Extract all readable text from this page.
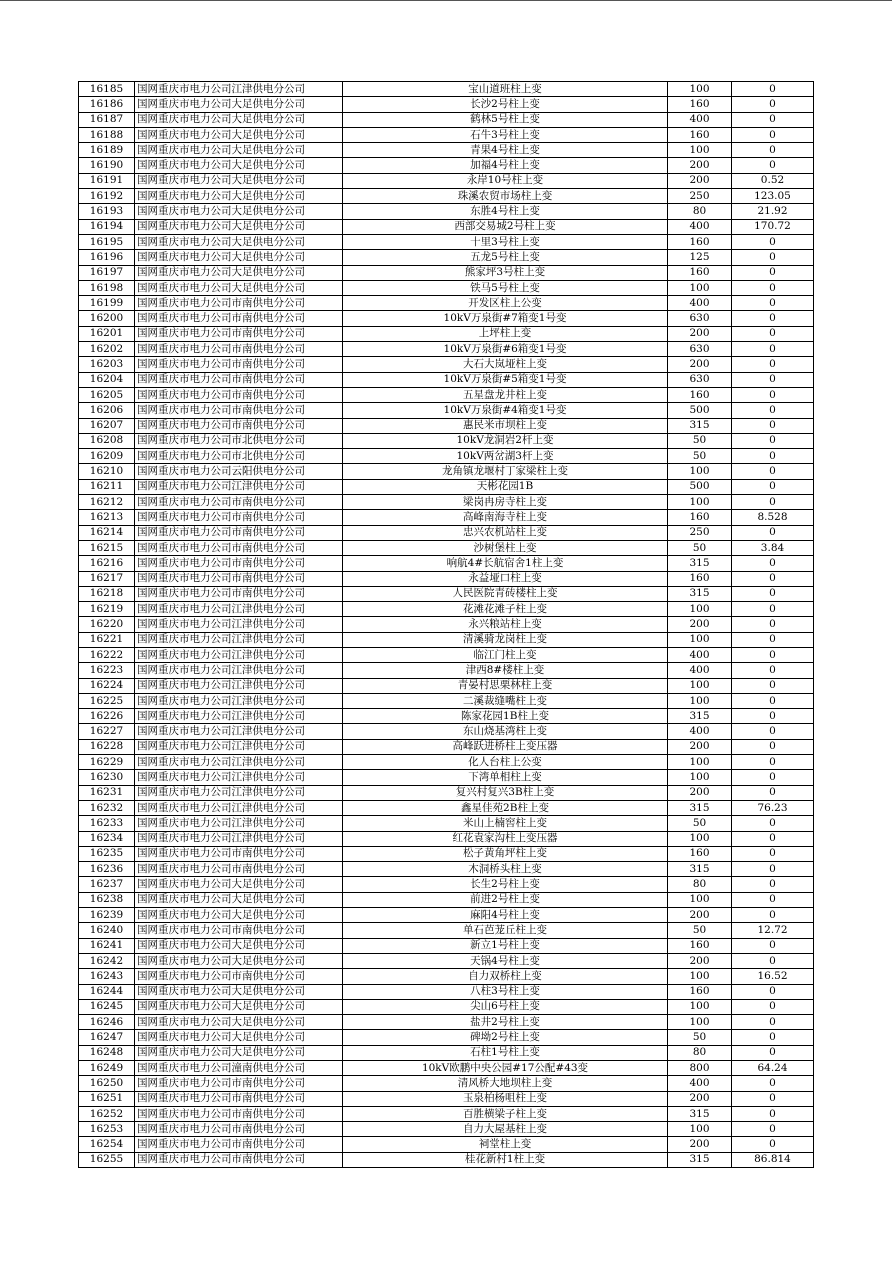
16185	国网重庆市电力公司江津供电分公司	宝山道班柱上变	100	0
16186	国网重庆市电力公司大足供电分公司	长沙2号柱上变	160	0
16187	国网重庆市电力公司大足供电分公司	鹤林5号柱上变	400	0
16188	国网重庆市电力公司大足供电分公司	石牛3号柱上变	160	0
16189	国网重庆市电力公司大足供电分公司	青果4号柱上变	100	0
16190	国网重庆市电力公司大足供电分公司	加福4号柱上变	200	0
16191	国网重庆市电力公司大足供电分公司	永岸10号柱上变	200	0.52
16192	国网重庆市电力公司大足供电分公司	珠溪农贸市场柱上变	250	123.05
16193	国网重庆市电力公司大足供电分公司	东胜4号柱上变	80	21.92
16194	国网重庆市电力公司大足供电分公司	西部交易城2号柱上变	400	170.72
16195	国网重庆市电力公司大足供电分公司	十里3号柱上变	160	0
16196	国网重庆市电力公司大足供电分公司	五龙5号柱上变	125	0
16197	国网重庆市电力公司大足供电分公司	熊家坪3号柱上变	160	0
16198	国网重庆市电力公司大足供电分公司	铁马5号柱上变	100	0
16199	国网重庆市电力公司市南供电分公司	开发区柱上公变	400	0
16200	国网重庆市电力公司市南供电分公司	10kV万泉街#7箱变1号变	630	0
16201	国网重庆市电力公司市南供电分公司	上坪柱上变	200	0
16202	国网重庆市电力公司市南供电分公司	10kV万泉街#6箱变1号变	630	0
16203	国网重庆市电力公司市南供电分公司	大石大岚垭柱上变	200	0
16204	国网重庆市电力公司市南供电分公司	10kV万泉街#5箱变1号变	630	0
16205	国网重庆市电力公司市南供电分公司	五星盘龙井柱上变	160	0
16206	国网重庆市电力公司市南供电分公司	10kV万泉街#4箱变1号变	500	0
16207	国网重庆市电力公司市南供电分公司	惠民米市坝柱上变	315	0
16208	国网重庆市电力公司市北供电分公司	10kV龙洞岩2杆上变	50	0
16209	国网重庆市电力公司市北供电分公司	10kV两岔湖3杆上变	50	0
16210	国网重庆市电力公司云阳供电分公司	龙角镇龙堰村丁家梁柱上变	100	0
16211	国网重庆市电力公司江津供电分公司	天彬花园1B	500	0
16212	国网重庆市电力公司市南供电分公司	梁岗冉房寺柱上变	100	0
16213	国网重庆市电力公司市南供电分公司	高峰南海寺柱上变	160	8.528
16214	国网重庆市电力公司市南供电分公司	忠兴农机站柱上变	250	0
16215	国网重庆市电力公司市南供电分公司	沙树堡柱上变	50	3.84
16216	国网重庆市电力公司市南供电分公司	响航4#长航宿舍1柱上变	315	0
16217	国网重庆市电力公司市南供电分公司	永益垭口柱上变	160	0
16218	国网重庆市电力公司市南供电分公司	人民医院青砖楼柱上变	315	0
16219	国网重庆市电力公司江津供电分公司	花滩花滩子柱上变	100	0
16220	国网重庆市电力公司江津供电分公司	永兴粮站柱上变	200	0
16221	国网重庆市电力公司江津供电分公司	清溪骑龙岗柱上变	100	0
16222	国网重庆市电力公司江津供电分公司	临江门柱上变	400	0
16223	国网重庆市电力公司江津供电分公司	津西8#楼柱上变	400	0
16224	国网重庆市电力公司江津供电分公司	青晏村思栗林柱上变	100	0
16225	国网重庆市电力公司江津供电分公司	二溪裁缝嘴柱上变	100	0
16226	国网重庆市电力公司江津供电分公司	陈家花园1B柱上变	315	0
16227	国网重庆市电力公司江津供电分公司	东山烧基湾柱上变	400	0
16228	国网重庆市电力公司江津供电分公司	高峰跃进桥柱上变压器	200	0
16229	国网重庆市电力公司江津供电分公司	化人台柱上公变	100	0
16230	国网重庆市电力公司江津供电分公司	下湾单相柱上变	100	0
16231	国网重庆市电力公司江津供电分公司	复兴村复兴3B柱上变	200	0
16232	国网重庆市电力公司江津供电分公司	鑫星佳苑2B柱上变	315	76.23
16233	国网重庆市电力公司江津供电分公司	米山上楠窖柱上变	50	0
16234	国网重庆市电力公司江津供电分公司	红花袁家沟柱上变压器	100	0
16235	国网重庆市电力公司市南供电分公司	松子黄角坪柱上变	160	0
16236	国网重庆市电力公司市南供电分公司	木洞桥头柱上变	315	0
16237	国网重庆市电力公司大足供电分公司	长生2号柱上变	80	0
16238	国网重庆市电力公司大足供电分公司	前进2号柱上变	100	0
16239	国网重庆市电力公司大足供电分公司	麻阳4号柱上变	200	0
16240	国网重庆市电力公司市南供电分公司	单石芭茏丘柱上变	50	12.72
16241	国网重庆市电力公司大足供电分公司	新立1号柱上变	160	0
16242	国网重庆市电力公司大足供电分公司	天锅4号柱上变	200	0
16243	国网重庆市电力公司市南供电分公司	自力双桥柱上变	100	16.52
16244	国网重庆市电力公司大足供电分公司	八柱3号柱上变	160	0
16245	国网重庆市电力公司大足供电分公司	尖山6号柱上变	100	0
16246	国网重庆市电力公司大足供电分公司	盐井2号柱上变	100	0
16247	国网重庆市电力公司大足供电分公司	碑坳2号柱上变	50	0
16248	国网重庆市电力公司大足供电分公司	石柱1号柱上变	80	0
16249	国网重庆市电力公司潼南供电分公司	10kV欧鹏中央公园#17公配#43变	800	64.24
16250	国网重庆市电力公司市南供电分公司	清风桥大地坝柱上变	400	0
16251	国网重庆市电力公司市南供电分公司	玉泉柏杨咀柱上变	200	0
16252	国网重庆市电力公司市南供电分公司	百胜横梁子柱上变	315	0
16253	国网重庆市电力公司市南供电分公司	自力大屋基柱上变	100	0
16254	国网重庆市电力公司市南供电分公司	祠堂柱上变	200	0
16255	国网重庆市电力公司市南供电分公司	桂花新村1柱上变	315	86.814
